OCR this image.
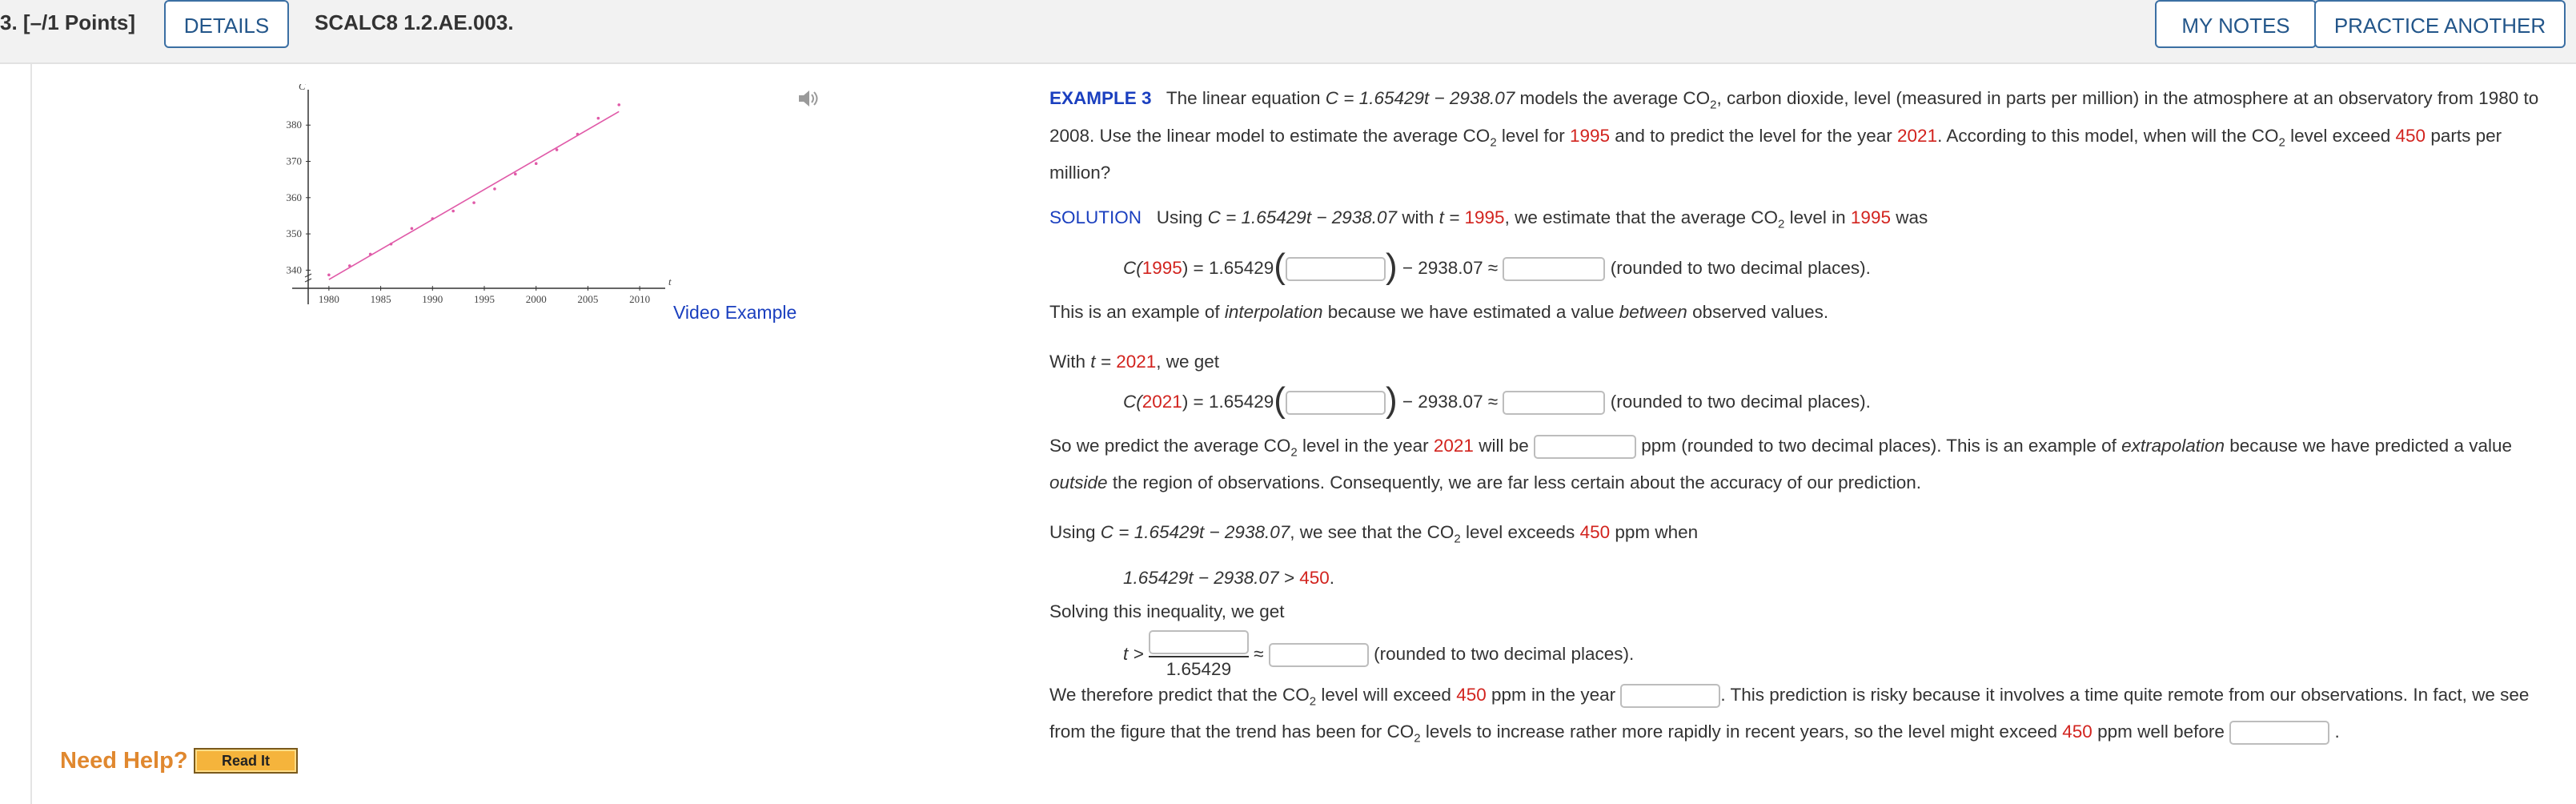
3. [–/1 Points]	DETAILS	SCALC8 1.2.AE.003.	MY NOTES	PRACTICE ANOTHER
t
C
1980	1985	1990	1995	2000	2005	2010
340
350
360
370
380
Video Example
Need Help?	Read It

EXAMPLE 3 The linear equation C = 1.65429t − 2938.07 models the average $CO_2$, carbon dioxide, level (measured in parts per million) in the atmosphere at an observatory from 1980 to 2008. Use the linear model to estimate the average $CO_2$ level for 1995 and to predict the level for the year 2021. According to this model, when will the $CO_2$ level exceed 450 parts per million?

SOLUTION Using C = 1.65429t − 2938.07 with t = 1995, we estimate that the average $CO_2$ level in 1995 was

C(1995) = 1.65429(	) − 2938.07 ≈	(rounded to two decimal places).

This is an example of interpolation because we have estimated a value between observed values.

With t = 2021, we get

C(2021) = 1.65429(	) − 2938.07 ≈	(rounded to two decimal places).

So we predict the average $CO_2$ level in the year 2021 will be	ppm (rounded to two decimal places). This is an example of extrapolation because we have predicted a value outside the region of observations. Consequently, we are far less certain about the accuracy of our prediction.

Using C = 1.65429t − 2938.07, we see that the $CO_2$ level exceeds 450 ppm when

1.65429t − 2938.07 > 450.

Solving this inequality, we get

t >
1.65429
≈	(rounded to two decimal places).

We therefore predict that the $CO_2$ level will exceed 450 ppm in the year	. This prediction is risky because it involves a time quite remote from our observations. In fact, we see from the figure that the trend has been for $CO_2$ levels to increase rather more rapidly in recent years, so the level might exceed 450 ppm well before	.
